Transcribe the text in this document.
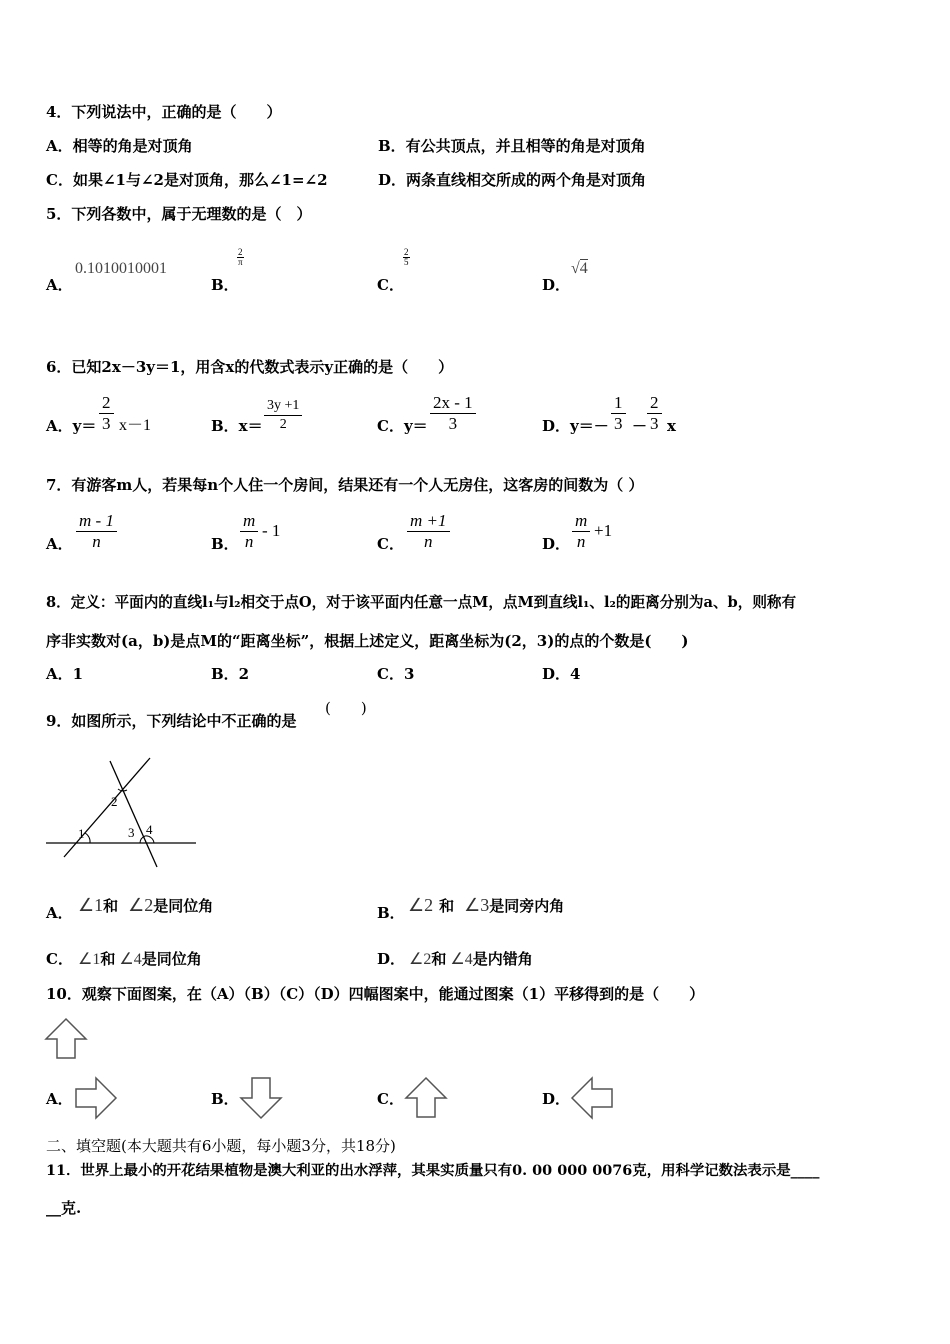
4．下列说法中，正确的是（　　）
A．相等的角是对顶角	B．有公共顶点，并且相等的角是对顶角
C．如果∠1与∠2是对顶角，那么∠1=∠2	D．两条直线相交所成的两个角是对顶角
5．下列各数中，属于无理数的是（　）
A．
0.1010010001
B．
2
π
C．
2
5
D．
√4
6．已知2x－3y＝1，用含x的代数式表示y正确的是（　　）
A．y＝
2
3 x－1	B．x＝
3y +1
2	C．y＝
2x - 1
3	D．y＝－
1
3 －
2
3 x
7．有游客m人，若果每n个人住一个房间，结果还有一个人无房住，这客房的间数为（ ）
A．
m - 1
n	B．
m
n
- 1
C．
m +1
n	D．
m
n
+1
8．定义：平面内的直线l₁与l₂相交于点O，对于该平面内任意一点M，点M到直线l₁、l₂的距离分别为a、b，则称有
序非实数对(a，b)是点M的“距离坐标”，根据上述定义，距离坐标为(2，3)的点的个数是(　　)
A．1	B．2	C．3	D．4
9．如图所示，下列结论中不正确的是
(　　)
1
2
3 4
A． ∠1和 ∠2是同位角	B． ∠2 和 ∠3是同旁内角
C． ∠1和 ∠4是同位角	D． ∠2和 ∠4是内错角
10．观察下面图案，在（A）（B）（C）（D）四幅图案中，能通过图案（1）平移得到的是（　　）
A．	B．	C．	D．
二、填空题(本大题共有6小题，每小题3分，共18分)
11．世界上最小的开花结果植物是澳大利亚的出水浮萍，其果实质量只有0. 00 000 0076克，用科学记数法表示是____
__克.
